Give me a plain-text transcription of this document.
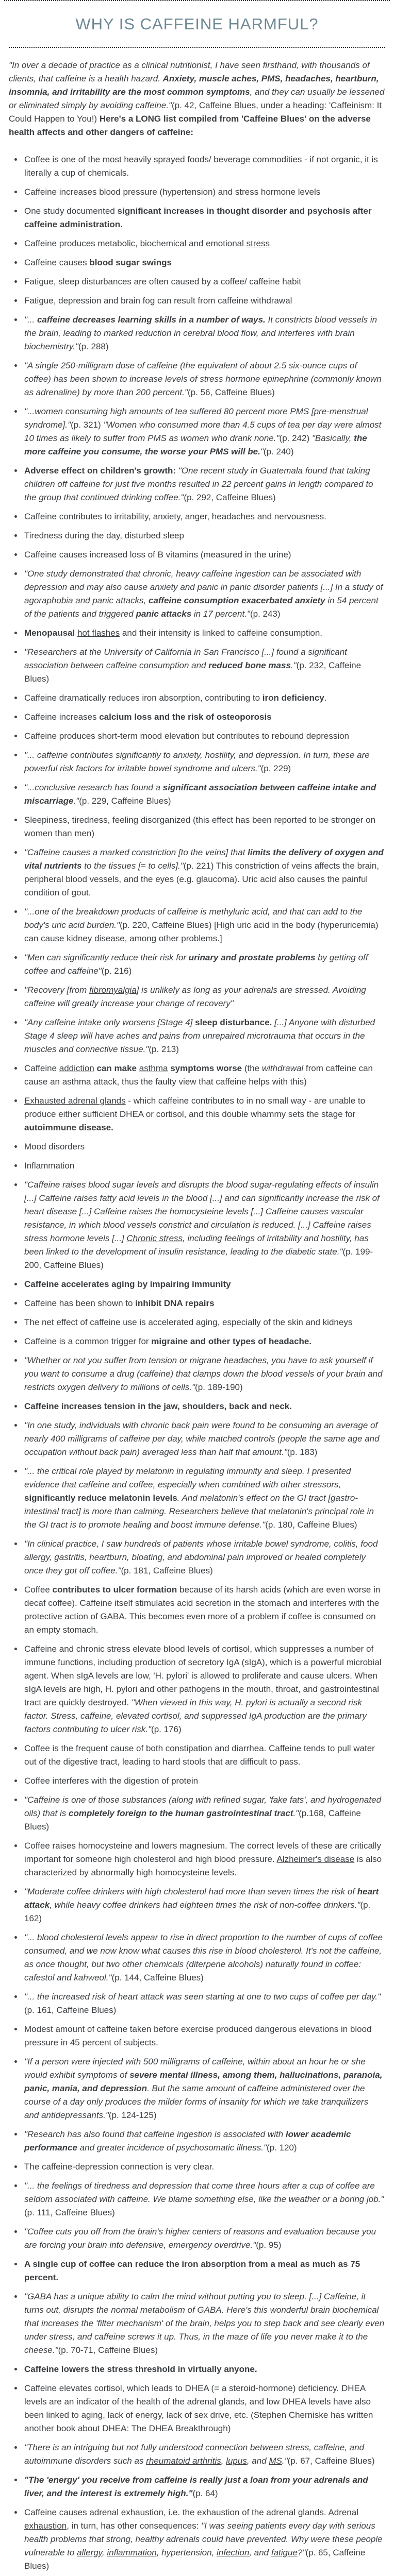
WHY IS CAFFEINE HARMFUL?

"In over a decade of practice as a clinical nutritionist, I have seen firsthand, with thousands of clients, that caffeine is a health hazard. Anxiety, muscle aches, PMS, headaches, heartburn, insomnia, and irritability are the most common symptoms, and they can usually be lessened or eliminated simply by avoiding caffeine."(p. 42, Caffeine Blues, under a heading: 'Caffeinism: It Could Happen to You!) Here's a LONG list compiled from 'Caffeine Blues' on the adverse health affects and other dangers of caffeine:

• Coffee is one of the most heavily sprayed foods/ beverage commodities - if not organic, it is literally a cup of chemicals.
• Caffeine increases blood pressure (hypertension) and stress hormone levels
• One study documented significant increases in thought disorder and psychosis after caffeine administration.
• Caffeine produces metabolic, biochemical and emotional stress
• Caffeine causes blood sugar swings
• Fatigue, sleep disturbances are often caused by a coffee/ caffeine habit
• Fatigue, depression and brain fog can result from caffeine withdrawal
• "... caffeine decreases learning skills in a number of ways. It constricts blood vessels in the brain, leading to marked reduction in cerebral blood flow, and interferes with brain biochemistry."(p. 288)
• "A single 250-milligram dose of caffeine (the equivalent of about 2.5 six-ounce cups of coffee) has been shown to increase levels of stress hormone epinephrine (commonly known as adrenaline) by more than 200 percent."(p. 56, Caffeine Blues)
• "...women consuming high amounts of tea suffered 80 percent more PMS [pre-menstrual syndrome]."(p. 321) "Women who consumed more than 4.5 cups of tea per day were almost 10 times as likely to suffer from PMS as women who drank none."(p. 242) "Basically, the more caffeine you consume, the worse your PMS will be."(p. 240)
• Adverse effect on children's growth: "One recent study in Guatemala found that taking children off caffeine for just five months resulted in 22 percent gains in length compared to the group that continued drinking coffee."(p. 292, Caffeine Blues)
• Caffeine contributes to irritability, anxiety, anger, headaches and nervousness.
• Tiredness during the day, disturbed sleep
• Caffeine causes increased loss of B vitamins (measured in the urine)
• "One study demonstrated that chronic, heavy caffeine ingestion can be associated with depression and may also cause anxiety and panic in panic disorder patients [...] In a study of agoraphobia and panic attacks, caffeine consumption exacerbated anxiety in 54 percent of the patients and triggered panic attacks in 17 percent."(p. 243)
• Menopausal hot flashes and their intensity is linked to caffeine consumption.
• "Researchers at the University of California in San Francisco [...] found a significant association between caffeine consumption and reduced bone mass."(p. 232, Caffeine Blues)
• Caffeine dramatically reduces iron absorption, contributing to iron deficiency.
• Caffeine increases calcium loss and the risk of osteoporosis
• Caffeine produces short-term mood elevation but contributes to rebound depression
• "... caffeine contributes significantly to anxiety, hostility, and depression. In turn, these are powerful risk factors for irritable bowel syndrome and ulcers."(p. 229)
• "...conclusive research has found a significant association between caffeine intake and miscarriage."(p. 229, Caffeine Blues)
• Sleepiness, tiredness, feeling disorganized (this effect has been reported to be stronger on women than men)
• "Caffeine causes a marked constriction [to the veins] that limits the delivery of oxygen and vital nutrients to the tissues [= to cells]."(p. 221) This constriction of veins affects the brain, peripheral blood vessels, and the eyes (e.g. glaucoma). Uric acid also causes the painful condition of gout.
• "...one of the breakdown products of caffeine is methyluric acid, and that can add to the body's uric acid burden."(p. 220, Caffeine Blues) [High uric acid in the body (hyperuricemia) can cause kidney disease, among other problems.]
• "Men can significantly reduce their risk for urinary and prostate problems by getting off coffee and caffeine"(p. 216)
• "Recovery [from fibromyalgia] is unlikely as long as your adrenals are stressed. Avoiding caffeine will greatly increase your change of recovery"
• "Any caffeine intake only worsens [Stage 4] sleep disturbance. [...] Anyone with disturbed Stage 4 sleep will have aches and pains from unrepaired microtrauma that occurs in the muscles and connective tissue."(p. 213)
• Caffeine addiction can make asthma symptoms worse (the withdrawal from caffeine can cause an asthma attack, thus the faulty view that caffeine helps with this)
• Exhausted adrenal glands - which caffeine contributes to in no small way - are unable to produce either sufficient DHEA or cortisol, and this double whammy sets the stage for autoimmune disease.
• Mood disorders
• Inflammation
• "Caffeine raises blood sugar levels and disrupts the blood sugar-regulating effects of insulin [...] Caffeine raises fatty acid levels in the blood [...] and can significantly increase the risk of heart disease [...] Caffeine raises the homocysteine levels [...] Caffeine causes vascular resistance, in which blood vessels constrict and circulation is reduced. [...] Caffeine raises stress hormone levels [...] Chronic stress, including feelings of irritability and hostility, has been linked to the development of insulin resistance, leading to the diabetic state."(p. 199-200, Caffeine Blues)
• Caffeine accelerates aging by impairing immunity
• Caffeine has been shown to inhibit DNA repairs
• The net effect of caffeine use is accelerated aging, especially of the skin and kidneys
• Caffeine is a common trigger for migraine and other types of headache.
• "Whether or not you suffer from tension or migrane headaches, you have to ask yourself if you want to consume a drug (caffeine) that clamps down the blood vessels of your brain and restricts oxygen delivery to millions of cells."(p. 189-190)
• Caffeine increases tension in the jaw, shoulders, back and neck.
• "In one study, individuals with chronic back pain were found to be consuming an average of nearly 400 milligrams of caffeine per day, while matched controls (people the same age and occupation without back pain) averaged less than half that amount."(p. 183)
• "... the critical role played by melatonin in regulating immunity and sleep. I presented evidence that caffeine and coffee, especially when combined with other stressors, significantly reduce melatonin levels. And melatonin's effect on the GI tract [gastro-intestinal tract] is more than calming. Researchers believe that melatonin's principal role in the GI tract is to promote healing and boost immune defense."(p. 180, Caffeine Blues)
• "In clinical practice, I saw hundreds of patients whose irritable bowel syndrome, colitis, food allergy, gastritis, heartburn, bloating, and abdominal pain improved or healed completely once they got off coffee."(p. 181, Caffeine Blues)
• Coffee contributes to ulcer formation because of its harsh acids (which are even worse in decaf coffee). Caffeine itself stimulates acid secretion in the stomach and interferes with the protective action of GABA. This becomes even more of a problem if coffee is consumed on an empty stomach.
• Caffeine and chronic stress elevate blood levels of cortisol, which suppresses a number of immune functions, including production of secretory IgA (sIgA), which is a powerful microbial agent. When sIgA levels are low, 'H. pylori' is allowed to proliferate and cause ulcers. When sIgA levels are high, H. pylori and other pathogens in the mouth, throat, and gastrointestinal tract are quickly destroyed. "When viewed in this way, H. pylori is actually a second risk factor. Stress, caffeine, elevated cortisol, and suppressed IgA production are the primary factors contributing to ulcer risk."(p. 176)
• Coffee is the frequent cause of both constipation and diarrhea. Caffeine tends to pull water out of the digestive tract, leading to hard stools that are difficult to pass.
• Coffee interferes with the digestion of protein
• "Caffeine is one of those substances (along with refined sugar, 'fake fats', and hydrogenated oils) that is completely foreign to the human gastrointestinal tract."(p.168, Caffeine Blues)
• Coffee raises homocysteine and lowers magnesium. The correct levels of these are critically important for someone high cholesterol and high blood pressure. Alzheimer's disease is also characterized by abnormally high homocysteine levels.
• "Moderate coffee drinkers with high cholesterol had more than seven times the risk of heart attack, while heavy coffee drinkers had eighteen times the risk of non-coffee drinkers."(p. 162)
• "... blood cholesterol levels appear to rise in direct proportion to the number of cups of coffee consumed, and we now know what causes this rise in blood cholesterol. It's not the caffeine, as once thought, but two other chemicals (diterpene alcohols) naturally found in coffee: cafestol and kahweol."(p. 144, Caffeine Blues)
• "... the increased risk of heart attack was seen starting at one to two cups of coffee per day."(p. 161, Caffeine Blues)
• Modest amount of caffeine taken before exercise produced dangerous elevations in blood pressure in 45 percent of subjects.
• "If a person were injected with 500 milligrams of caffeine, within about an hour he or she would exhibit symptoms of severe mental illness, among them, hallucinations, paranoia, panic, mania, and depression. But the same amount of caffeine administered over the course of a day only produces the milder forms of insanity for which we take tranquilizers and antidepressants."(p. 124-125)
• "Research has also found that caffeine ingestion is associated with lower academic performance and greater incidence of psychosomatic illness."(p. 120)
• The caffeine-depression connection is very clear.
• "... the feelings of tiredness and depression that come three hours after a cup of coffee are seldom associated with caffeine. We blame something else, like the weather or a boring job."(p. 111, Caffeine Blues)
• "Coffee cuts you off from the brain's higher centers of reasons and evaluation because you are forcing your brain into defensive, emergency overdrive."(p. 95)
• A single cup of coffee can reduce the iron absorption from a meal as much as 75 percent.
• "GABA has a unique ability to calm the mind without putting you to sleep. [...] Caffeine, it turns out, disrupts the normal metabolism of GABA. Here's this wonderful brain biochemical that increases the 'filter mechanism' of the brain, helps you to step back and see clearly even under stress, and caffeine screws it up. Thus, in the maze of life you never make it to the cheese."(p. 70-71, Caffeine Blues)
• Caffeine lowers the stress threshold in virtually anyone.
• Caffeine elevates cortisol, which leads to DHEA (= a steroid-hormone) deficiency. DHEA levels are an indicator of the health of the adrenal glands, and low DHEA levels have also been linked to aging, lack of energy, lack of sex drive, etc. (Stephen Cherniske has written another book about DHEA: The DHEA Breakthrough)
• "There is an intriguing but not fully understood connection between stress, caffeine, and autoimmune disorders such as rheumatoid arthritis, lupus, and MS."(p. 67, Caffeine Blues)
• "The 'energy' you receive from caffeine is really just a loan from your adrenals and liver, and the interest is extremely high."(p. 64)
• Caffeine causes adrenal exhaustion, i.e. the exhaustion of the adrenal glands. Adrenal exhaustion, in turn, has other consequences: "I was seeing patients every day with serious health problems that strong, healthy adrenals could have prevented. Why were these people vulnerable to allergy, inflammation, hypertension, infection, and fatigue?"(p. 65, Caffeine Blues)
